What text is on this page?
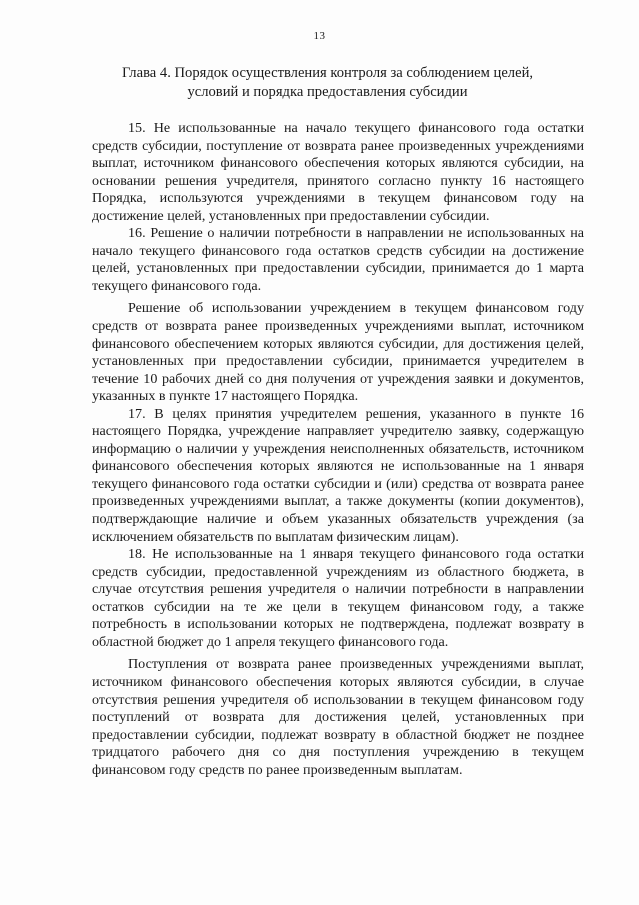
13
Глава 4. Порядок осуществления контроля за соблюдением целей,
условий и порядка предоставления субсидии

15. Не использованные на начало текущего финансового года остатки средств субсидии, поступление от возврата ранее произведенных учреждениями выплат, источником финансового обеспечения которых являются субсидии, на основании решения учредителя, принятого согласно пункту 16 настоящего Порядка, используются учреждениями в текущем финансовом году на достижение целей, установленных при предоставлении субсидии.

16. Решение о наличии потребности в направлении не использованных на начало текущего финансового года остатков средств субсидии на достижение целей, установленных при предоставлении субсидии, принимается до 1 марта текущего финансового года.

Решение об использовании учреждением в текущем финансовом году средств от возврата ранее произведенных учреждениями выплат, источником финансового обеспечением которых являются субсидии, для достижения целей, установленных при предоставлении субсидии, принимается учредителем в течение 10 рабочих дней со дня получения от учреждения заявки и документов, указанных в пункте 17 настоящего Порядка.

17. В целях принятия учредителем решения, указанного в пункте 16 настоящего Порядка, учреждение направляет учредителю заявку, содержащую информацию о наличии у учреждения неисполненных обязательств, источником финансового обеспечения которых являются не использованные на 1 января текущего финансового года остатки субсидии и (или) средства от возврата ранее произведенных учреждениями выплат, а также документы (копии документов), подтверждающие наличие и объем указанных обязательств учреждения (за исключением обязательств по выплатам физическим лицам).

18. Не использованные на 1 января текущего финансового года остатки средств субсидии, предоставленной учреждениям из областного бюджета, в случае отсутствия решения учредителя о наличии потребности в направлении остатков субсидии на те же цели в текущем финансовом году, а также потребность в использовании которых не подтверждена, подлежат возврату в областной бюджет до 1 апреля текущего финансового года.

Поступления от возврата ранее произведенных учреждениями выплат, источником финансового обеспечения которых являются субсидии, в случае отсутствия решения учредителя об использовании в текущем финансовом году поступлений от возврата для достижения целей, установленных при предоставлении субсидии, подлежат возврату в областной бюджет не позднее тридцатого рабочего дня со дня поступления учреждению в текущем финансовом году средств по ранее произведенным выплатам.
